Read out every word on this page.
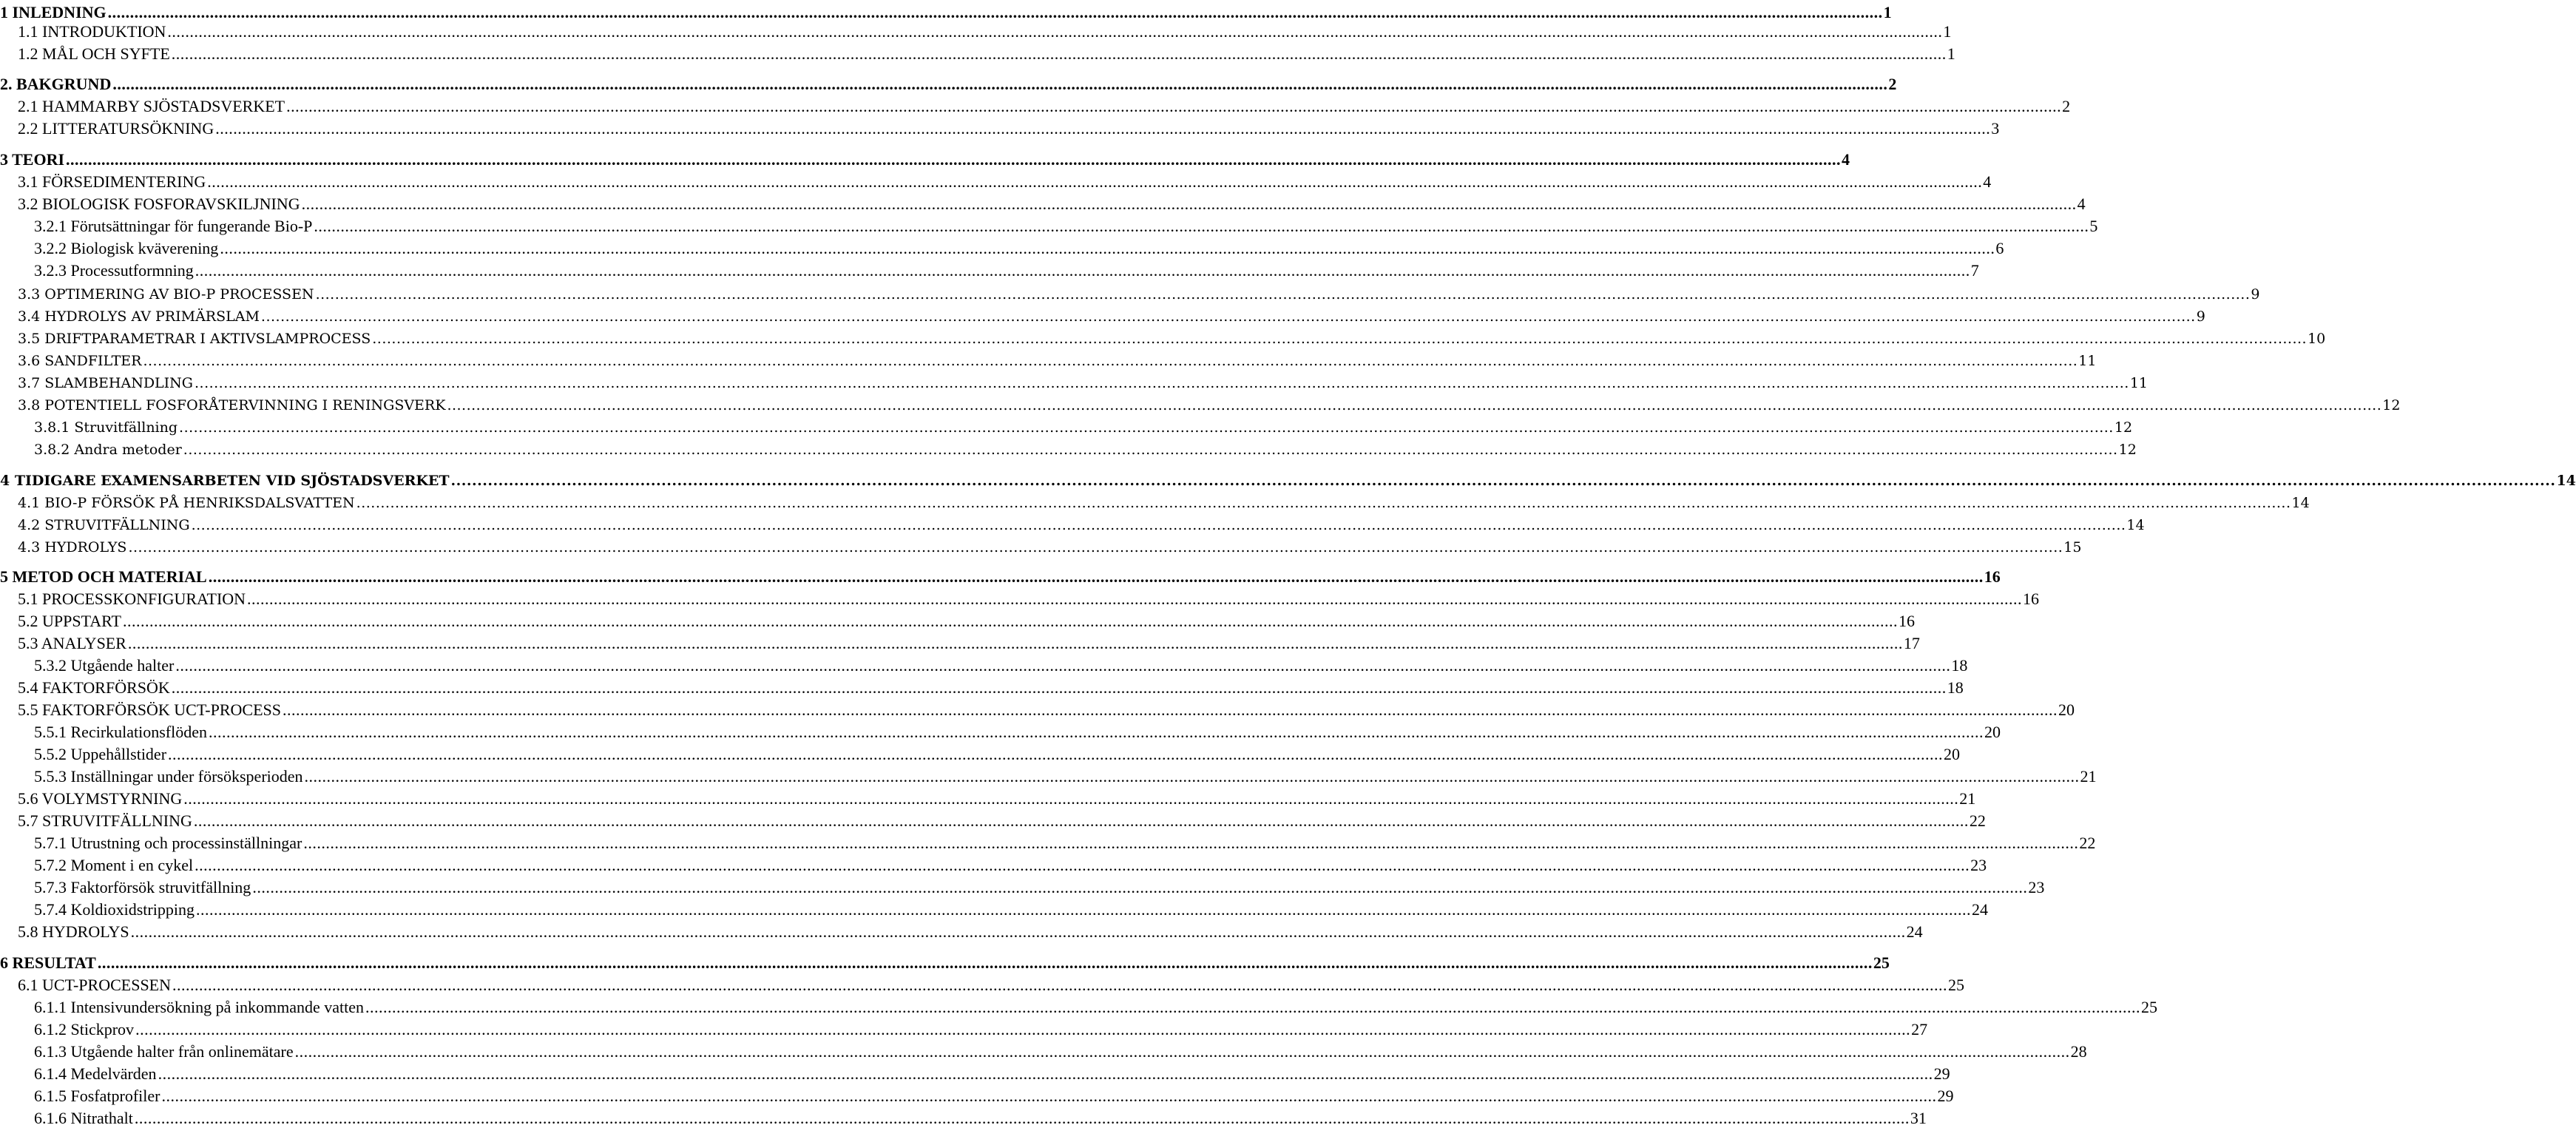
1 INLEDNING ................................................................................................................................................................................................................................................................................................................................................................................................................ 1
1.1 INTRODUKTION ................................................................................................................................................................................................................................................................................................................................................................................................................ 1
1.2 MÅL OCH SYFTE ................................................................................................................................................................................................................................................................................................................................................................................................................ 1
2. BAKGRUND ................................................................................................................................................................................................................................................................................................................................................................................................................ 2
2.1 HAMMARBY SJÖSTADSVERKET ................................................................................................................................................................................................................................................................................................................................................................................................................ 2
2.2 LITTERATURSÖKNING ................................................................................................................................................................................................................................................................................................................................................................................................................ 3
3 TEORI ................................................................................................................................................................................................................................................................................................................................................................................................................ 4
3.1 FÖRSEDIMENTERING ................................................................................................................................................................................................................................................................................................................................................................................................................ 4
3.2 BIOLOGISK FOSFORAVSKILJNING ................................................................................................................................................................................................................................................................................................................................................................................................................ 4
3.2.1 Förutsättningar för fungerande Bio-P ................................................................................................................................................................................................................................................................................................................................................................................................................ 5
3.2.2 Biologisk kväverening ................................................................................................................................................................................................................................................................................................................................................................................................................ 6
3.2.3 Processutformning ................................................................................................................................................................................................................................................................................................................................................................................................................ 7
3.3 OPTIMERING AV BIO-P PROCESSEN ................................................................................................................................................................................................................................................................................................................................................................................................................ 9
3.4 HYDROLYS AV PRIMÄRSLAM ................................................................................................................................................................................................................................................................................................................................................................................................................ 9
3.5 DRIFTPARAMETRAR I AKTIVSLAMPROCESS ................................................................................................................................................................................................................................................................................................................................................................................................................ 10
3.6 SANDFILTER ................................................................................................................................................................................................................................................................................................................................................................................................................ 11
3.7 SLAMBEHANDLING ................................................................................................................................................................................................................................................................................................................................................................................................................ 11
3.8 POTENTIELL FOSFORÅTERVINNING I RENINGSVERK ................................................................................................................................................................................................................................................................................................................................................................................................................ 12
3.8.1 Struvitfällning ................................................................................................................................................................................................................................................................................................................................................................................................................ 12
3.8.2 Andra metoder ................................................................................................................................................................................................................................................................................................................................................................................................................ 12
4 TIDIGARE EXAMENSARBETEN VID SJÖSTADSVERKET ................................................................................................................................................................................................................................................................................................................................................................................................................ 14
4.1 BIO-P FÖRSÖK PÅ HENRIKSDALSVATTEN ................................................................................................................................................................................................................................................................................................................................................................................................................ 14
4.2 STRUVITFÄLLNING ................................................................................................................................................................................................................................................................................................................................................................................................................ 14
4.3 HYDROLYS ................................................................................................................................................................................................................................................................................................................................................................................................................ 15
5 METOD OCH MATERIAL ................................................................................................................................................................................................................................................................................................................................................................................................................ 16
5.1 PROCESSKONFIGURATION ................................................................................................................................................................................................................................................................................................................................................................................................................ 16
5.2 UPPSTART ................................................................................................................................................................................................................................................................................................................................................................................................................ 16
5.3 ANALYSER ................................................................................................................................................................................................................................................................................................................................................................................................................ 17
5.3.2 Utgående halter ................................................................................................................................................................................................................................................................................................................................................................................................................ 18
5.4 FAKTORFÖRSÖK ................................................................................................................................................................................................................................................................................................................................................................................................................ 18
5.5 FAKTORFÖRSÖK UCT-PROCESS ................................................................................................................................................................................................................................................................................................................................................................................................................ 20
5.5.1 Recirkulationsflöden ................................................................................................................................................................................................................................................................................................................................................................................................................ 20
5.5.2 Uppehållstider ................................................................................................................................................................................................................................................................................................................................................................................................................ 20
5.5.3 Inställningar under försöksperioden ................................................................................................................................................................................................................................................................................................................................................................................................................ 21
5.6 VOLYMSTYRNING ................................................................................................................................................................................................................................................................................................................................................................................................................ 21
5.7 STRUVITFÄLLNING ................................................................................................................................................................................................................................................................................................................................................................................................................ 22
5.7.1 Utrustning och processinställningar ................................................................................................................................................................................................................................................................................................................................................................................................................ 22
5.7.2 Moment i en cykel ................................................................................................................................................................................................................................................................................................................................................................................................................ 23
5.7.3 Faktorförsök struvitfällning ................................................................................................................................................................................................................................................................................................................................................................................................................ 23
5.7.4 Koldioxidstripping ................................................................................................................................................................................................................................................................................................................................................................................................................ 24
5.8 HYDROLYS ................................................................................................................................................................................................................................................................................................................................................................................................................ 24
6 RESULTAT ................................................................................................................................................................................................................................................................................................................................................................................................................ 25
6.1 UCT-PROCESSEN ................................................................................................................................................................................................................................................................................................................................................................................................................ 25
6.1.1 Intensivundersökning på inkommande vatten ................................................................................................................................................................................................................................................................................................................................................................................................................ 25
6.1.2 Stickprov ................................................................................................................................................................................................................................................................................................................................................................................................................ 27
6.1.3 Utgående halter från onlinemätare ................................................................................................................................................................................................................................................................................................................................................................................................................ 28
6.1.4 Medelvärden ................................................................................................................................................................................................................................................................................................................................................................................................................ 29
6.1.5 Fosfatprofiler ................................................................................................................................................................................................................................................................................................................................................................................................................ 29
6.1.6 Nitrathalt ................................................................................................................................................................................................................................................................................................................................................................................................................ 31
